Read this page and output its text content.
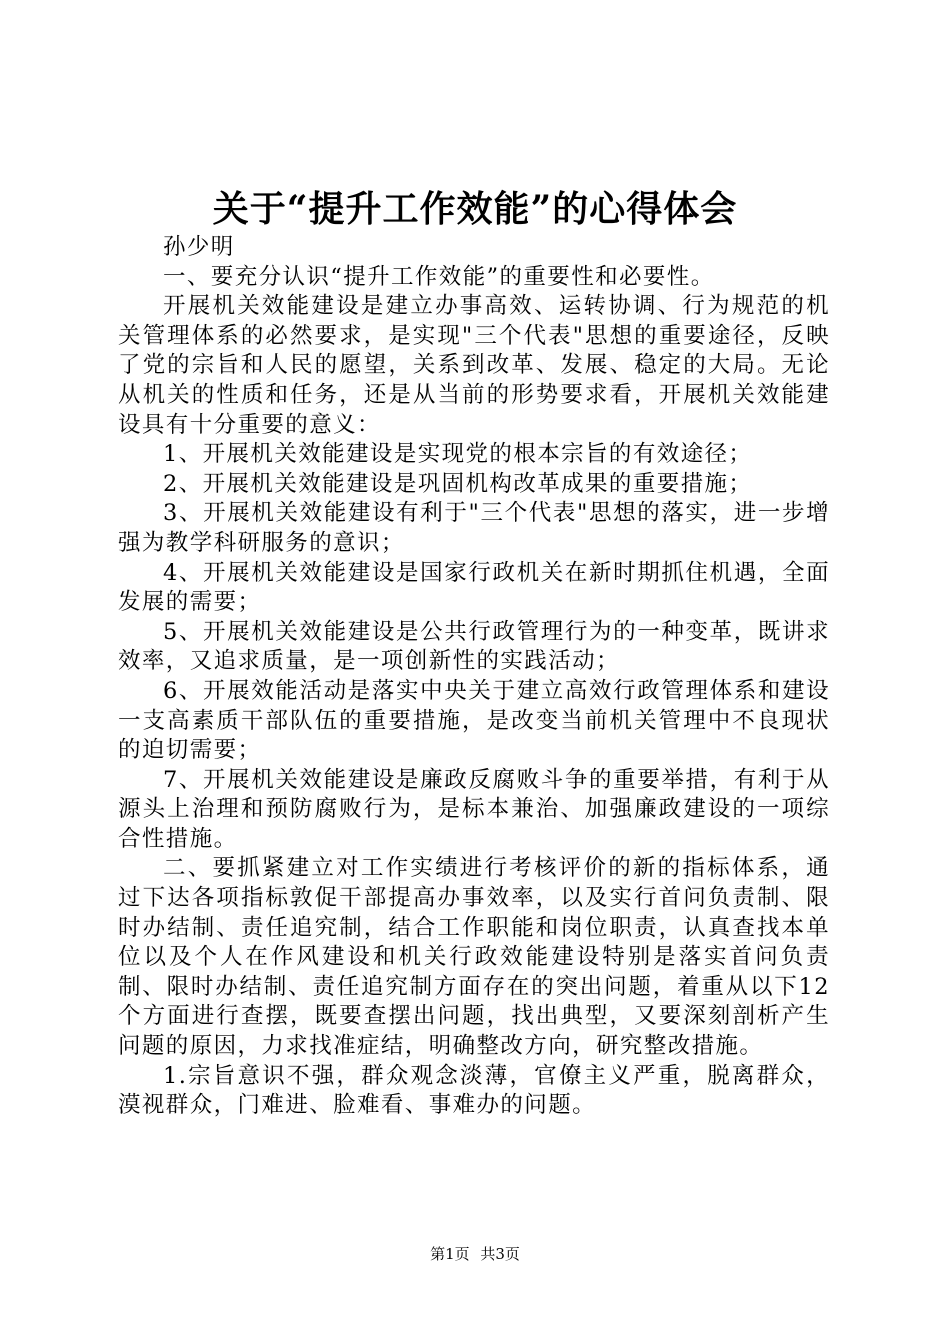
关于“提升工作效能”的心得体会

孙少明

一、要充分认识“提升工作效能”的重要性和必要性。

开展机关效能建设是建立办事高效、运转协调、行为规范的机关管理体系的必然要求，是实现"三个代表"思想的重要途径，反映了党的宗旨和人民的愿望，关系到改革、发展、稳定的大局。无论从机关的性质和任务，还是从当前的形势要求看，开展机关效能建设具有十分重要的意义：

1、开展机关效能建设是实现党的根本宗旨的有效途径；

2、开展机关效能建设是巩固机构改革成果的重要措施；

3、开展机关效能建设有利于"三个代表"思想的落实，进一步增强为教学科研服务的意识；

4、开展机关效能建设是国家行政机关在新时期抓住机遇，全面发展的需要；

5、开展机关效能建设是公共行政管理行为的一种变革，既讲求效率，又追求质量，是一项创新性的实践活动；

6、开展效能活动是落实中央关于建立高效行政管理体系和建设一支高素质干部队伍的重要措施，是改变当前机关管理中不良现状的迫切需要；

7、开展机关效能建设是廉政反腐败斗争的重要举措，有利于从源头上治理和预防腐败行为，是标本兼治、加强廉政建设的一项综合性措施。

二、要抓紧建立对工作实绩进行考核评价的新的指标体系，通过下达各项指标敦促干部提高办事效率，以及实行首问负责制、限时办结制、责任追究制，结合工作职能和岗位职责，认真查找本单位以及个人在作风建设和机关行政效能建设特别是落实首问负责制、限时办结制、责任追究制方面存在的突出问题，着重从以下12个方面进行查摆，既要查摆出问题，找出典型，又要深刻剖析产生问题的原因，力求找准症结，明确整改方向，研究整改措施。

1.宗旨意识不强，群众观念淡薄，官僚主义严重，脱离群众，漠视群众，门难进、脸难看、事难办的问题。

第1页 共3页
